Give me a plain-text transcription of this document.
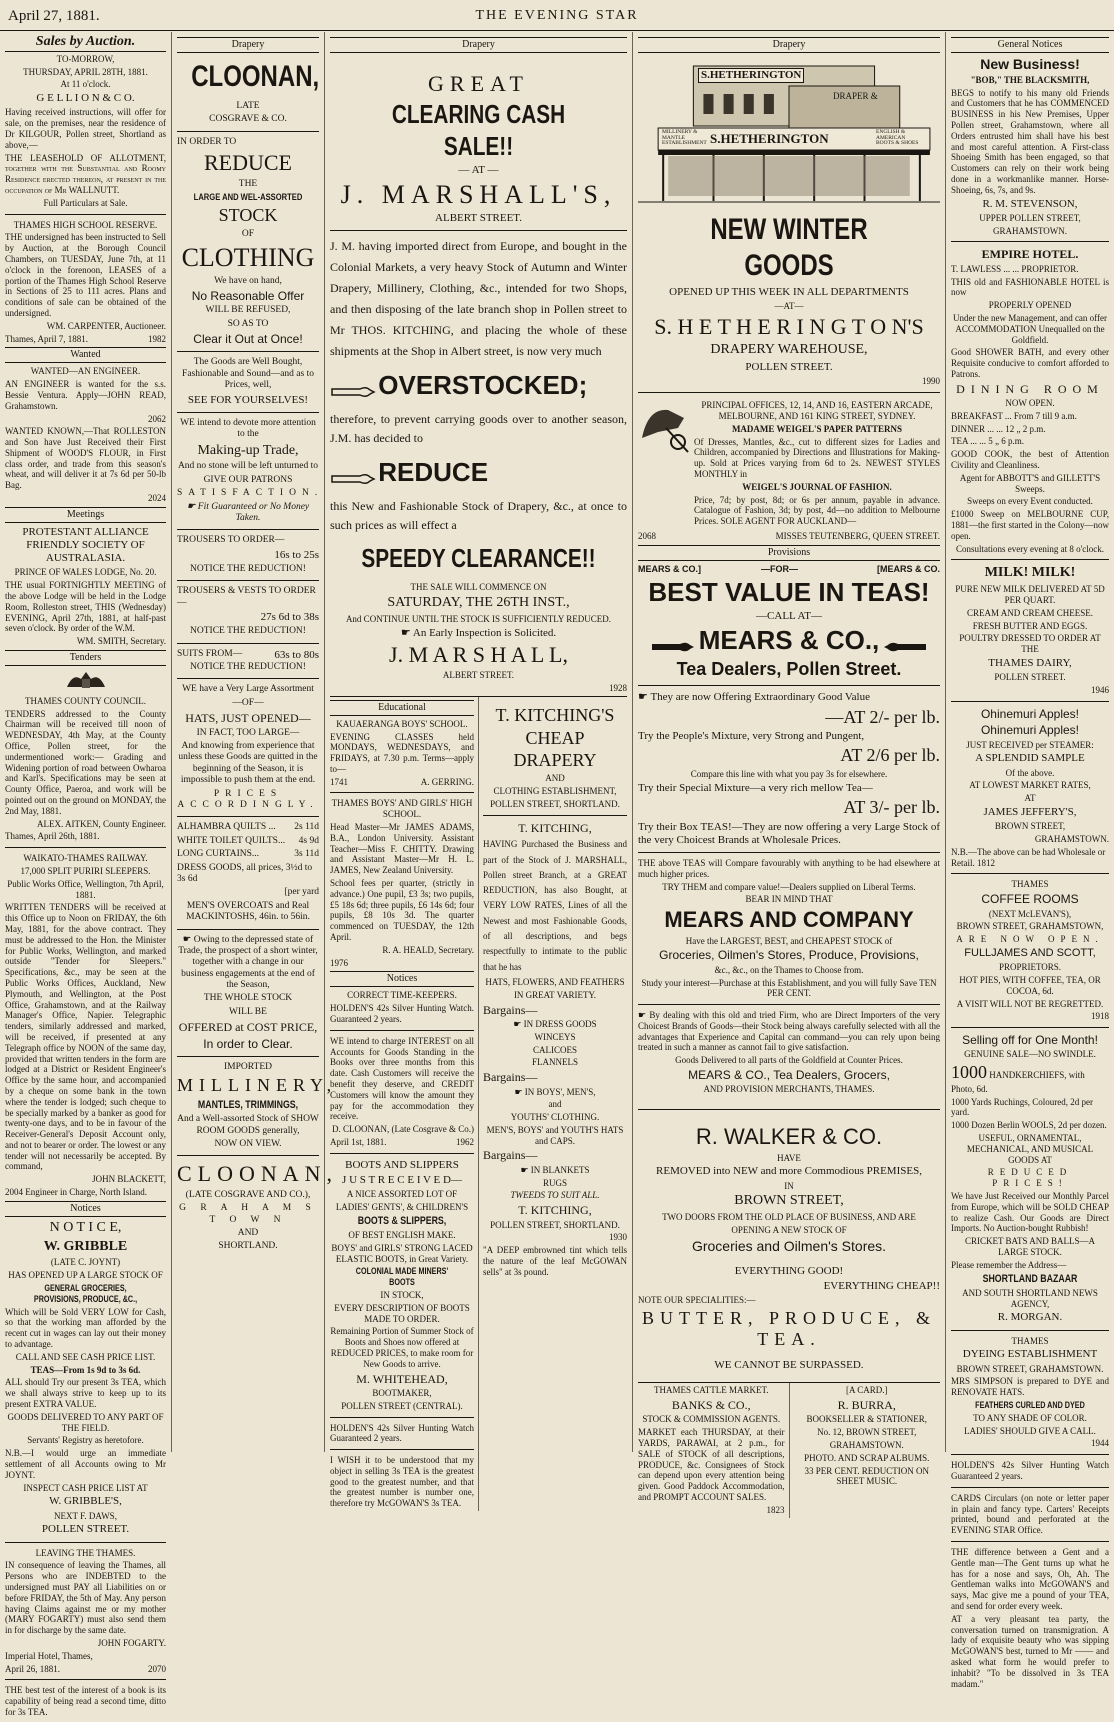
April 27, 1881.	THE EVENING STAR
Sales by Auction.

TO-MORROW,

THURSDAY, APRIL 28TH, 1881.

At 11 o'clock.

G E L L I O N & C O.

Having received instructions, will offer for sale, on the premises, near the residence of Dr KILGOUR, Pollen street, Shortland as above,—

THE LEASEHOLD OF ALLOTMENT, together with the Substantial and Roomy Residence erected thereon, at present in the occupation of Mr WALLNUTT.

Full Particulars at Sale.

THAMES HIGH SCHOOL RESERVE.

THE undersigned has been instructed to Sell by Auction, at the Borough Council Chambers, on TUESDAY, June 7th, at 11 o'clock in the forenoon, LEASES of a portion of the Thames High School Reserve in Sections of 25 to 111 acres. Plans and conditions of sale can be obtained of the undersigned.

WM. CARPENTER, Auctioneer.

Thames, April 7, 1881.	1982

Wanted

WANTED—AN ENGINEER.

AN ENGINEER is wanted for the s.s. Bessie Ventura. Apply—JOHN READ, Grahamstown.

2062

WANTED KNOWN,—That ROLLESTON and Son have Just Received their First Shipment of WOOD'S FLOUR, in First class order, and trade from this season's wheat, and will deliver it at 7s 6d per 50-lb Bag.

2024

Meetings

PROTESTANT ALLIANCE FRIENDLY SOCIETY OF AUSTRALASIA.

PRINCE OF WALES LODGE, No. 20.

THE usual FORTNIGHTLY MEETING of the above Lodge will be held in the Lodge Room, Rolleston street, THIS (Wednesday) EVENING, April 27th, 1881, at half-past seven o'clock. By order of the W.M.

WM. SMITH, Secretary.

Tenders

THAMES COUNTY COUNCIL.

TENDERS addressed to the County Chairman will be received till noon of WEDNESDAY, 4th May, at the County Office, Pollen street, for the undermentioned work:— Grading and Widening portion of road between Owharoa and Karl's. Specifications may be seen at County Office, Paeroa, and work will be pointed out on the ground on MONDAY, the 2nd May, 1881.

ALEX. AITKEN, County Engineer.

Thames, April 26th, 1881.

WAIKATO-THAMES RAILWAY.

17,000 SPLIT PURIRI SLEEPERS.

Public Works Office, Wellington, 7th April, 1881.

WRITTEN TENDERS will be received at this Office up to Noon on FRIDAY, the 6th May, 1881, for the above contract. They must be addressed to the Hon. the Minister for Public Works, Wellington, and marked outside "Tender for Sleepers." Specifications, &c., may be seen at the Public Works Offices, Auckland, New Plymouth, and Wellington, at the Post Office, Grahamstown, and at the Railway Manager's Office, Napier. Telegraphic tenders, similarly addressed and marked, will be received, if presented at any Telegraph office by NOON of the same day, provided that written tenders in the form are lodged at a District or Resident Engineer's Office by the same hour, and accompanied by a cheque on some bank in the town where the tender is lodged; such cheque to be specially marked by a banker as good for twenty-one days, and to be in favour of the Receiver-General's Deposit Account only, and not to bearer or order. The lowest or any tender will not necessarily be accepted. By command,

JOHN BLACKETT,

2004 Engineer in Charge, North Island.

Notices

N O T I C E,

W. GRIBBLE

(LATE C. JOYNT)

HAS OPENED UP A LARGE STOCK OF

GENERAL GROCERIES, PROVISIONS, PRODUCE, &C.,

Which will be Sold VERY LOW for Cash, so that the working man afforded by the recent cut in wages can lay out their money to advantage.

CALL AND SEE CASH PRICE LIST.

TEAS—From 1s 9d to 3s 6d.

ALL should Try our present 3s TEA, which we shall always strive to keep up to its present EXTRA VALUE.

GOODS DELIVERED TO ANY PART OF THE FIELD.

Servants' Registry as heretofore.

N.B.—I would urge an immediate settlement of all Accounts owing to Mr JOYNT.

INSPECT CASH PRICE LIST AT

W. GRIBBLE'S,

NEXT F. DAWS,

POLLEN STREET.

LEAVING THE THAMES.

IN consequence of leaving the Thames, all Persons who are INDEBTED to the undersigned must PAY all Liabilities on or before FRIDAY, the 5th of May. Any person having Claims against me or my mother (MARY FOGARTY) must also send them in for discharge by the same date.

JOHN FOGARTY.

Imperial Hotel, Thames,

April 26, 1881.	2070

THE best test of the interest of a book is its capability of being read a second time, ditto for 3s TEA.

Drapery

CLOONAN,

LATE

COSGRAVE & CO.

IN ORDER TO

REDUCE

THE

LARGE AND WEL-ASSORTED

STOCK

OF

CLOTHING

We have on hand,

No Reasonable Offer

WILL BE REFUSED,

SO AS TO

Clear it Out at Once!

The Goods are Well Bought, Fashionable and Sound—and as to Prices, well,

SEE FOR YOURSELVES!

WE intend to devote more attention to the

Making-up Trade,

And no stone will be left unturned to

GIVE OUR PATRONS

SATISFACTION.

☛ Fit Guaranteed or No Money Taken.

TROUSERS TO ORDER—

16s to 25s

NOTICE THE REDUCTION!

TROUSERS & VESTS TO ORDER—

27s 6d to 38s

NOTICE THE REDUCTION!

SUITS FROM—	63s to 80s

NOTICE THE REDUCTION!

WE have a Very Large Assortment

—OF—

HATS, JUST OPENED—

IN FACT, TOO LARGE—

And knowing from experience that unless these Goods are quitted in the beginning of the Season, it is impossible to push them at the end.

PRICES ACCORDINGLY.

ALHAMBRA QUILTS ... 2s 11d

WHITE TOILET QUILTS... 4s 9d

LONG CURTAINS...	3s 11d

DRESS GOODS, all prices, 3½d to 3s 6d

[per yard

MEN'S OVERCOATS and Real MACKINTOSHS, 46in. to 56in.

☛ Owing to the depressed state of Trade, the prospect of a short winter, together with a change in our business engagements at the end of the Season,

THE WHOLE STOCK

WILL BE

OFFERED at COST PRICE,

In order to Clear.

IMPORTED

MILLINERY,

MANTLES, TRIMMINGS,

And a Well-assorted Stock of SHOW ROOM GOODS generally,

NOW ON VIEW.

CLOONAN,

(LATE COSGRAVE AND CO.),

G R A H A M S T O W N

AND

SHORTLAND.

Drapery

GREAT

CLEARING CASH SALE!!

— AT —

J. MARSHALL'S,

ALBERT STREET.

J. M. having imported direct from Europe, and bought in the Colonial Markets, a very heavy Stock of Autumn and Winter Drapery, Millinery, Clothing, &c., intended for two Shops, and then disposing of the late branch shop in Pollen street to Mr THOS. KITCHING, and placing the whole of these shipments at the Shop in Albert street, is now very much

OVERSTOCKED;

therefore, to prevent carrying goods over to another season, J.M. has decided to

REDUCE

this New and Fashionable Stock of Drapery, &c., at once to such prices as will effect a

SPEEDY CLEARANCE!!

THE SALE WILL COMMENCE ON

SATURDAY, THE 26TH INST.,

And CONTINUE UNTIL THE STOCK IS SUFFICIENTLY REDUCED.

☛ An Early Inspection is Solicited.

J. M A R S H A L L,

ALBERT STREET.

1928

Educational

KAUAERANGA BOYS' SCHOOL.

EVENING CLASSES held MONDAYS, WEDNESDAYS, and FRIDAYS, at 7.30 p.m. Terms—apply to—

1741	A. GERRING.

THAMES BOYS' AND GIRLS' HIGH SCHOOL.

Head Master—Mr JAMES ADAMS, B.A., London University. Assistant Teacher—Miss F. CHITTY. Drawing and Assistant Master—Mr H. L. JAMES, New Zealand University.

School fees per quarter, (strictly in advance.) One pupil, £3 3s; two pupils, £5 18s 6d; three pupils, £6 14s 6d; four pupils, £8 10s 3d. The quarter commenced on TUESDAY, the 12th April.

R. A. HEALD, Secretary.

1976

Notices

CORRECT TIME-KEEPERS.

HOLDEN'S 42s Silver Hunting Watch. Guaranteed 2 years.

WE intend to charge INTEREST on all Accounts for Goods Standing in the Books over three months from this date. Cash Customers will receive the benefit they deserve, and CREDIT Customers will know the amount they pay for the accommodation they receive.

D. CLOONAN, (Late Cosgrave & Co.)

April 1st, 1881.	1962

BOOTS AND SLIPPERS

J U S T R E C E I V E D—

A NICE ASSORTED LOT OF

LADIES' GENTS', & CHILDREN'S

BOOTS & SLIPPERS,

OF BEST ENGLISH MAKE.

BOYS' and GIRLS' STRONG LACED ELASTIC BOOTS, in Great Variety.

COLONIAL MADE MINERS' BOOTS

IN STOCK,

EVERY DESCRIPTION OF BOOTS MADE TO ORDER.

Remaining Portion of Summer Stock of Boots and Shoes now offered at REDUCED PRICES, to make room for New Goods to arrive.

M. WHITEHEAD,

BOOTMAKER,

POLLEN STREET (CENTRAL).

HOLDEN'S 42s Silver Hunting Watch Guaranteed 2 years.

I WISH it to be understood that my object in selling 3s TEA is the greatest good to the greatest number, and that the greatest number is number one, therefore try McGOWAN'S 3s TEA.

T. KITCHING'S

CHEAP DRAPERY

AND

CLOTHING ESTABLISHMENT,

POLLEN STREET, SHORTLAND.

T. KITCHING,

HAVING Purchased the Business and part of the Stock of J. MARSHALL, Pollen street Branch, at a GREAT REDUCTION, has also Bought, at VERY LOW RATES, Lines of all the Newest and most Fashionable Goods, of all descriptions, and begs respectfully to intimate to the public that he has

HATS, FLOWERS, AND FEATHERS

IN GREAT VARIETY.

Bargains—

☛ IN DRESS GOODS

WINCEYS

CALICOES

FLANNELS

Bargains—

☛ IN BOYS', MEN'S,

and

YOUTHS' CLOTHING.

MEN'S, BOYS' and YOUTH'S HATS and CAPS.

Bargains—

☛ IN BLANKETS

RUGS

TWEEDS TO SUIT ALL.

T. KITCHING,

POLLEN STREET, SHORTLAND.

1930

"A DEEP embrowned tint which tells the nature of the leaf McGOWAN sells" at 3s pound.

Drapery
S.HETHERINGTON
DRAPER &
MILLINERY & MANTLE ESTABLISHMENT S.HETHERINGTON	ENGLISH & AMERICAN BOOTS & SHOES

NEW WINTER GOODS

OPENED UP THIS WEEK IN ALL DEPARTMENTS

—AT—

S. H E T H E R I N G T O N'S

DRAPERY WAREHOUSE,

POLLEN STREET.

1990

PRINCIPAL OFFICES, 12, 14, AND 16, EASTERN ARCADE, MELBOURNE, AND 161 KING STREET, SYDNEY.

MADAME WEIGEL'S PAPER PATTERNS

Of Dresses, Mantles, &c., cut to different sizes for Ladies and Children, accompanied by Directions and Illustrations for Making-up. Sold at Prices varying from 6d to 2s. NEWEST STYLES MONTHLY in

WEIGEL'S JOURNAL OF FASHION.

Price, 7d; by post, 8d; or 6s per annum, payable in advance. Catalogue of Fashion, 3d; by post, 4d—no addition to Melbourne Prices. SOLE AGENT FOR AUCKLAND—

2068	MISSES TEUTENBERG, QUEEN STREET.

Provisions

MEARS & CO.]	—FOR—	[MEARS & CO.

BEST VALUE IN TEAS!

—CALL AT—

MEARS & CO.,

Tea Dealers, Pollen Street.

☛ They are now Offering Extraordinary Good Value

—AT 2/- per lb.

Try the People's Mixture, very Strong and Pungent,

AT 2/6 per lb.

Compare this line with what you pay 3s for elsewhere.

Try their Special Mixture—a very rich mellow Tea—

AT 3/- per lb.

Try their Box TEAS!—They are now offering a very Large Stock of the very Choicest Brands at Wholesale Prices.

THE above TEAS will Compare favourably with anything to be had elsewhere at much higher prices.

TRY THEM and compare value!—Dealers supplied on Liberal Terms.

BEAR IN MIND THAT

MEARS AND COMPANY

Have the LARGEST, BEST, and CHEAPEST STOCK of

Groceries, Oilmen's Stores, Produce, Provisions,

&c., &c., on the Thames to Choose from.

Study your interest—Purchase at this Establishment, and you will fully Save TEN PER CENT.

☛ By dealing with this old and tried Firm, who are Direct Importers of the very Choicest Brands of Goods—their Stock being always carefully selected with all the advantages that Experience and Capital can command—you can rely upon being treated in such a manner as cannot fail to give satisfaction.

Goods Delivered to all parts of the Goldfield at Counter Prices.

MEARS & CO., Tea Dealers, Grocers,

AND PROVISION MERCHANTS, THAMES.

R. WALKER & CO.

HAVE

REMOVED into NEW and more Commodious PREMISES,

IN

BROWN STREET,

TWO DOORS FROM THE OLD PLACE OF BUSINESS, AND ARE

OPENING A NEW STOCK OF

Groceries and Oilmen's Stores.

EVERYTHING GOOD!

EVERYTHING CHEAP!!

NOTE OUR SPECIALITIES:—

BUTTER, PRODUCE, & TEA.

WE CANNOT BE SURPASSED.

THAMES CATTLE MARKET.

BANKS & CO.,

STOCK & COMMISSION AGENTS.

MARKET each THURSDAY, at their YARDS, PARAWAI, at 2 p.m., for SALE of STOCK of all descriptions, PRODUCE, &c. Consignees of Stock can depend upon every attention being given. Good Paddock Accommodation, and PROMPT ACCOUNT SALES.

1823

[A CARD.]

R. BURRA,

BOOKSELLER & STATIONER,

No. 12, BROWN STREET,

GRAHAMSTOWN.

PHOTO. AND SCRAP ALBUMS.

33 PER CENT. REDUCTION ON SHEET MUSIC.

General Notices

New Business!

"BOB," THE BLACKSMITH,

BEGS to notify to his many old Friends and Customers that he has COMMENCED BUSINESS in his New Premises, Upper Pollen street, Grahamstown, where all Orders entrusted him shall have his best and most careful attention. A First-class Shoeing Smith has been engaged, so that Customers can rely on their work being done in a workmanlike manner. Horse-Shoeing, 6s, 7s, and 9s.

R. M. STEVENSON,

UPPER POLLEN STREET,

GRAHAMSTOWN.

EMPIRE HOTEL.

T. LAWLESS ... ... PROPRIETOR.

THIS old and FASHIONABLE HOTEL is now

PROPERLY OPENED

Under the new Management, and can offer ACCOMMODATION Unequalled on the Goldfield.

Good SHOWER BATH, and every other Requisite conducive to comfort afforded to Patrons.

DINING ROOM

NOW OPEN.

BREAKFAST ... From 7 till 9 a.m.

DINNER ... ... 12 „ 2 p.m.

TEA ... ... 5 „ 6 p.m.

GOOD COOK, the best of Attention Civility and Cleanliness.

Agent for ABBOTT'S and GILLETT'S Sweeps.

Sweeps on every Event conducted.

£1000 Sweep on MELBOURNE CUP, 1881—the first started in the Colony—now open.

Consultations every evening at 8 o'clock.

MILK! MILK!

PURE NEW MILK DELIVERED AT 5D PER QUART.

CREAM AND CREAM CHEESE.

FRESH BUTTER AND EGGS.

POULTRY DRESSED TO ORDER AT THE

THAMES DAIRY,

POLLEN STREET.

1946

Ohinemuri Apples!

Ohinemuri Apples!

JUST RECEIVED per STEAMER:

A SPLENDID SAMPLE

Of the above.

AT LOWEST MARKET RATES,

AT

JAMES JEFFERY'S,

BROWN STREET,

GRAHAMSTOWN.

N.B.—The above can be had Wholesale or Retail. 1812

THAMES

COFFEE ROOMS

(NEXT McLEVAN'S),

BROWN STREET, GRAHAMSTOWN,

ARE NOW OPEN.

FULLJAMES AND SCOTT,

PROPRIETORS.

HOT PIES, WITH COFFEE, TEA, OR COCOA, 6d.

A VISIT WILL NOT BE REGRETTED.

1918

Selling off for One Month!

GENUINE SALE—NO SWINDLE.

1000 HANDKERCHIEFS, with Photo, 6d.

1000 Yards Ruchings, Coloured, 2d per yard.

1000 Dozen Berlin WOOLS, 2d per dozen.

USEFUL, ORNAMENTAL, MECHANICAL, AND MUSICAL GOODS AT

REDUCED PRICES!

We have Just Received our Monthly Parcel from Europe, which will be SOLD CHEAP to realize Cash. Our Goods are Direct Imports. No Auction-bought Rubbish!

CRICKET BATS AND BALLS—A LARGE STOCK.

Please remember the Address—

SHORTLAND BAZAAR

AND SOUTH SHORTLAND NEWS AGENCY,

R. MORGAN.

THAMES

DYEING ESTABLISHMENT

BROWN STREET, GRAHAMSTOWN.

MRS SIMPSON is prepared to DYE and RENOVATE HATS.

FEATHERS CURLED AND DYED

TO ANY SHADE OF COLOR.

LADIES' SHOULD GIVE A CALL.

1944

HOLDEN'S 42s Silver Hunting Watch Guaranteed 2 years.

CARDS Circulars (on note or letter paper in plain and fancy type. Carters' Receipts printed, bound and perforated at the EVENING STAR Office.

THE difference between a Gent and a Gentle man—The Gent turns up what he has for a nose and says, Oh, Ah. The Gentleman walks into McGOWAN'S and says, Mac give me a pound of your TEA, and send for order every week.

AT a very pleasant tea party, the conversation turned on transmigration. A lady of exquisite beauty who was sipping McGOWAN'S best, turned to Mr —— and asked what form he would prefer to inhabit? "To be dissolved in 3s TEA madam."
